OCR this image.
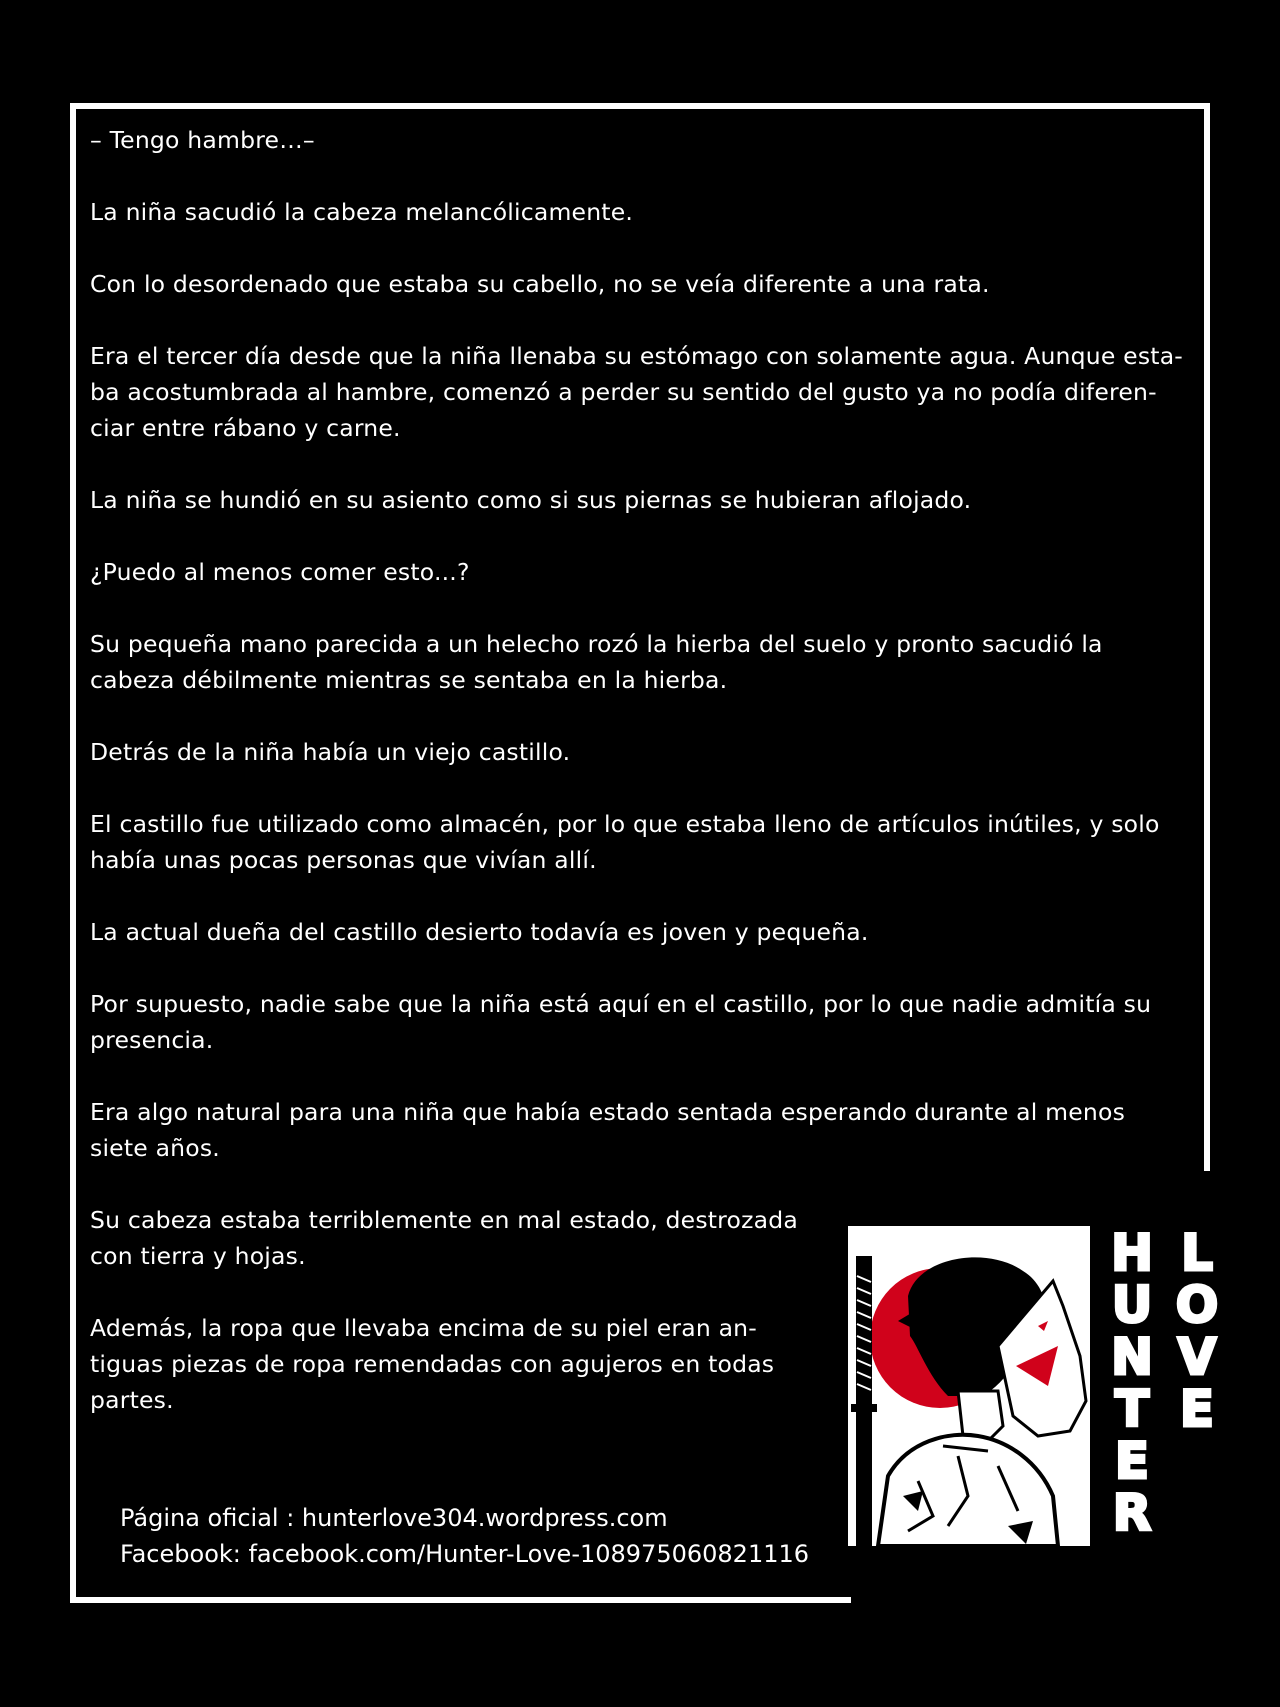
– Tengo hambre…–

La niña sacudió la cabeza melancólicamente.

Con lo desordenado que estaba su cabello, no se veía diferente a una rata.

Era el tercer día desde que la niña llenaba su estómago con solamente agua. Aunque esta-ba acostumbrada al hambre, comenzó a perder su sentido del gusto ya no podía diferen-ciar entre rábano y carne.

La niña se hundió en su asiento como si sus piernas se hubieran aflojado.

¿Puedo al menos comer esto...?

Su pequeña mano parecida a un helecho rozó la hierba del suelo y pronto sacudió la cabeza débilmente mientras se sentaba en la hierba.

Detrás de la niña había un viejo castillo.

El castillo fue utilizado como almacén, por lo que estaba lleno de artículos inútiles, y solo había unas pocas personas que vivían allí.

La actual dueña del castillo desierto todavía es joven y pequeña.

Por supuesto, nadie sabe que la niña está aquí en el castillo, por lo que nadie admitía su presencia.

Era algo natural para una niña que había estado sentada esperando durante al menos siete años.

Su cabeza estaba terriblemente en mal estado, destrozada con tierra y hojas.

Además, la ropa que llevaba encima de su piel eran an-tiguas piezas de ropa remendadas con agujeros en todas partes.

Página oficial : hunterlove304.wordpress.com
Facebook: facebook.com/Hunter-Love-108975060821116
H
U
N
T
E
R
L
O
V
E
